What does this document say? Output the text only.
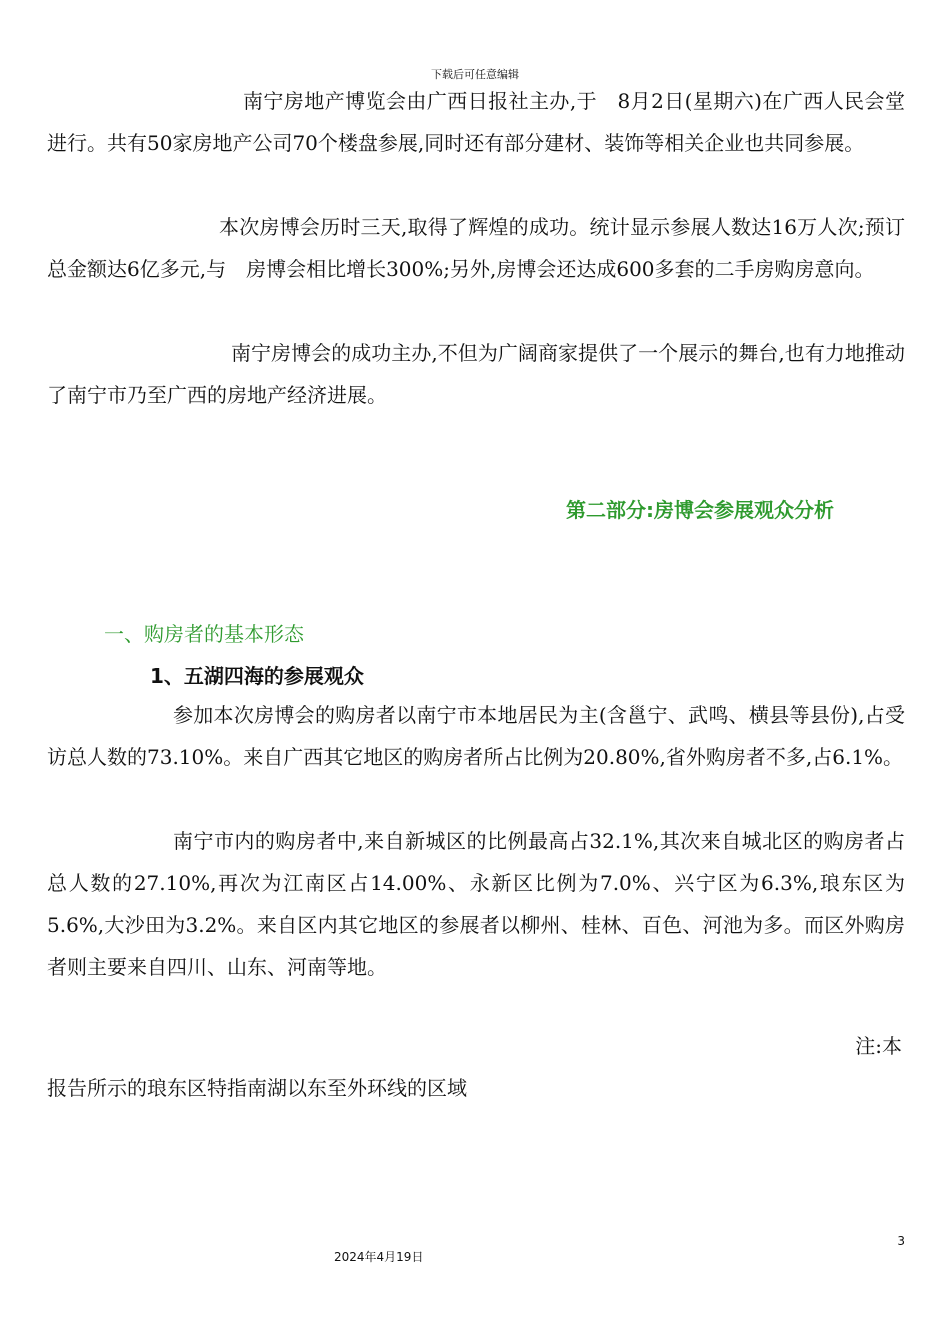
下载后可任意编辑

南宁房地产博览会由广西日报社主办,于　8月2日(星期六)在广西人民会堂进行。共有50家房地产公司70个楼盘参展,同时还有部分建材、装饰等相关企业也共同参展。

本次房博会历时三天,取得了辉煌的成功。统计显示参展人数达16万人次;预订总金额达6亿多元,与　房博会相比增长300%;另外,房博会还达成600多套的二手房购房意向。

南宁房博会的成功主办,不但为广阔商家提供了一个展示的舞台,也有力地推动了南宁市乃至广西的房地产经济进展。

第二部分:房博会参展观众分析
一、购房者的基本形态
1、五湖四海的参展观众

参加本次房博会的购房者以南宁市本地居民为主(含邕宁、武鸣、横县等县份),占受访总人数的73.10%。来自广西其它地区的购房者所占比例为20.80%,省外购房者不多,占6.1%。

南宁市内的购房者中,来自新城区的比例最高占32.1%,其次来自城北区的购房者占总人数的27.10%,再次为江南区占14.00%、永新区比例为7.0%、兴宁区为6.3%,琅东区为5.6%,大沙田为3.2%。来自区内其它地区的参展者以柳州、桂林、百色、河池为多。而区外购房者则主要来自四川、山东、河南等地。

注:本
报告所示的琅东区特指南湖以东至外环线的区域
3
2024年4月19日
